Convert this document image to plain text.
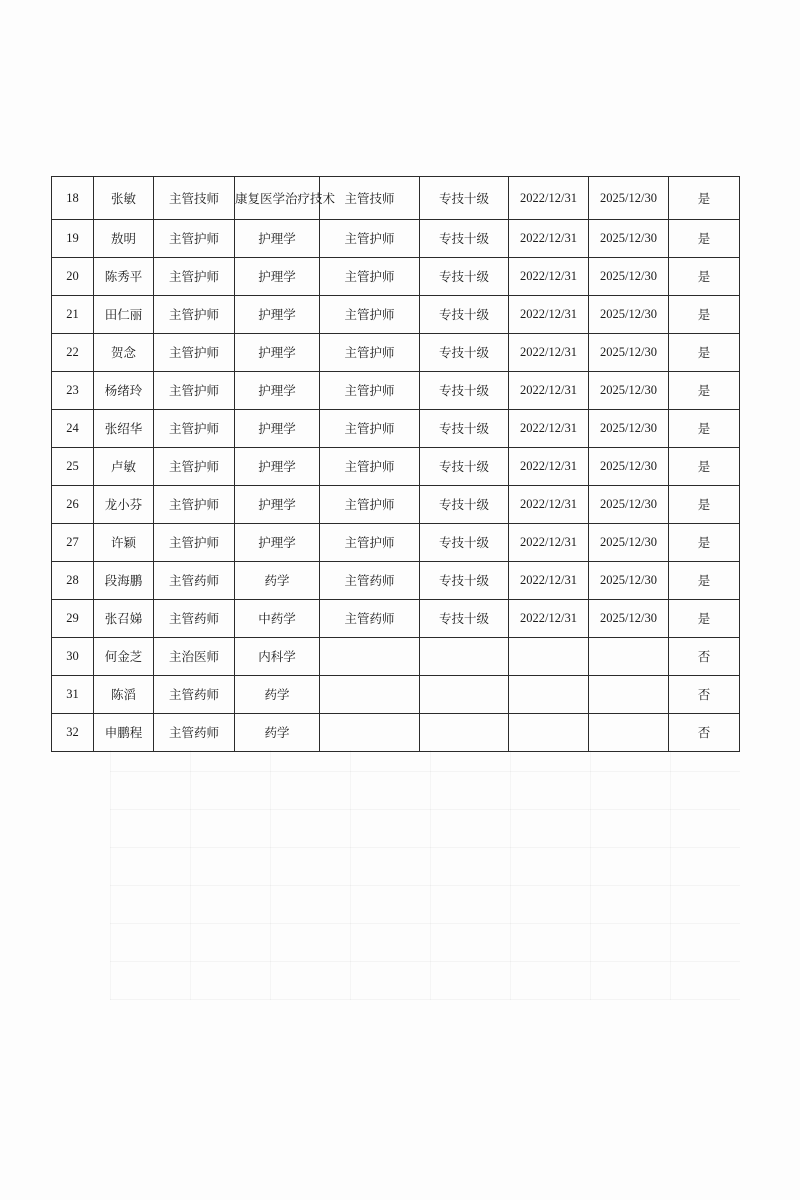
18	张敏	主管技师	康复医学治疗技术	主管技师	专技十级	2022/12/31	2025/12/30	是
19	敖明	主管护师	护理学	主管护师	专技十级	2022/12/31	2025/12/30	是
20	陈秀平	主管护师	护理学	主管护师	专技十级	2022/12/31	2025/12/30	是
21	田仁丽	主管护师	护理学	主管护师	专技十级	2022/12/31	2025/12/30	是
22	贺念	主管护师	护理学	主管护师	专技十级	2022/12/31	2025/12/30	是
23	杨绪玲	主管护师	护理学	主管护师	专技十级	2022/12/31	2025/12/30	是
24	张绍华	主管护师	护理学	主管护师	专技十级	2022/12/31	2025/12/30	是
25	卢敏	主管护师	护理学	主管护师	专技十级	2022/12/31	2025/12/30	是
26	龙小芬	主管护师	护理学	主管护师	专技十级	2022/12/31	2025/12/30	是
27	许颖	主管护师	护理学	主管护师	专技十级	2022/12/31	2025/12/30	是
28	段海鹏	主管药师	药学	主管药师	专技十级	2022/12/31	2025/12/30	是
29	张召娣	主管药师	中药学	主管药师	专技十级	2022/12/31	2025/12/30	是
30	何金芝	主治医师	内科学					否
31	陈滔	主管药师	药学					否
32	申鹏程	主管药师	药学					否
